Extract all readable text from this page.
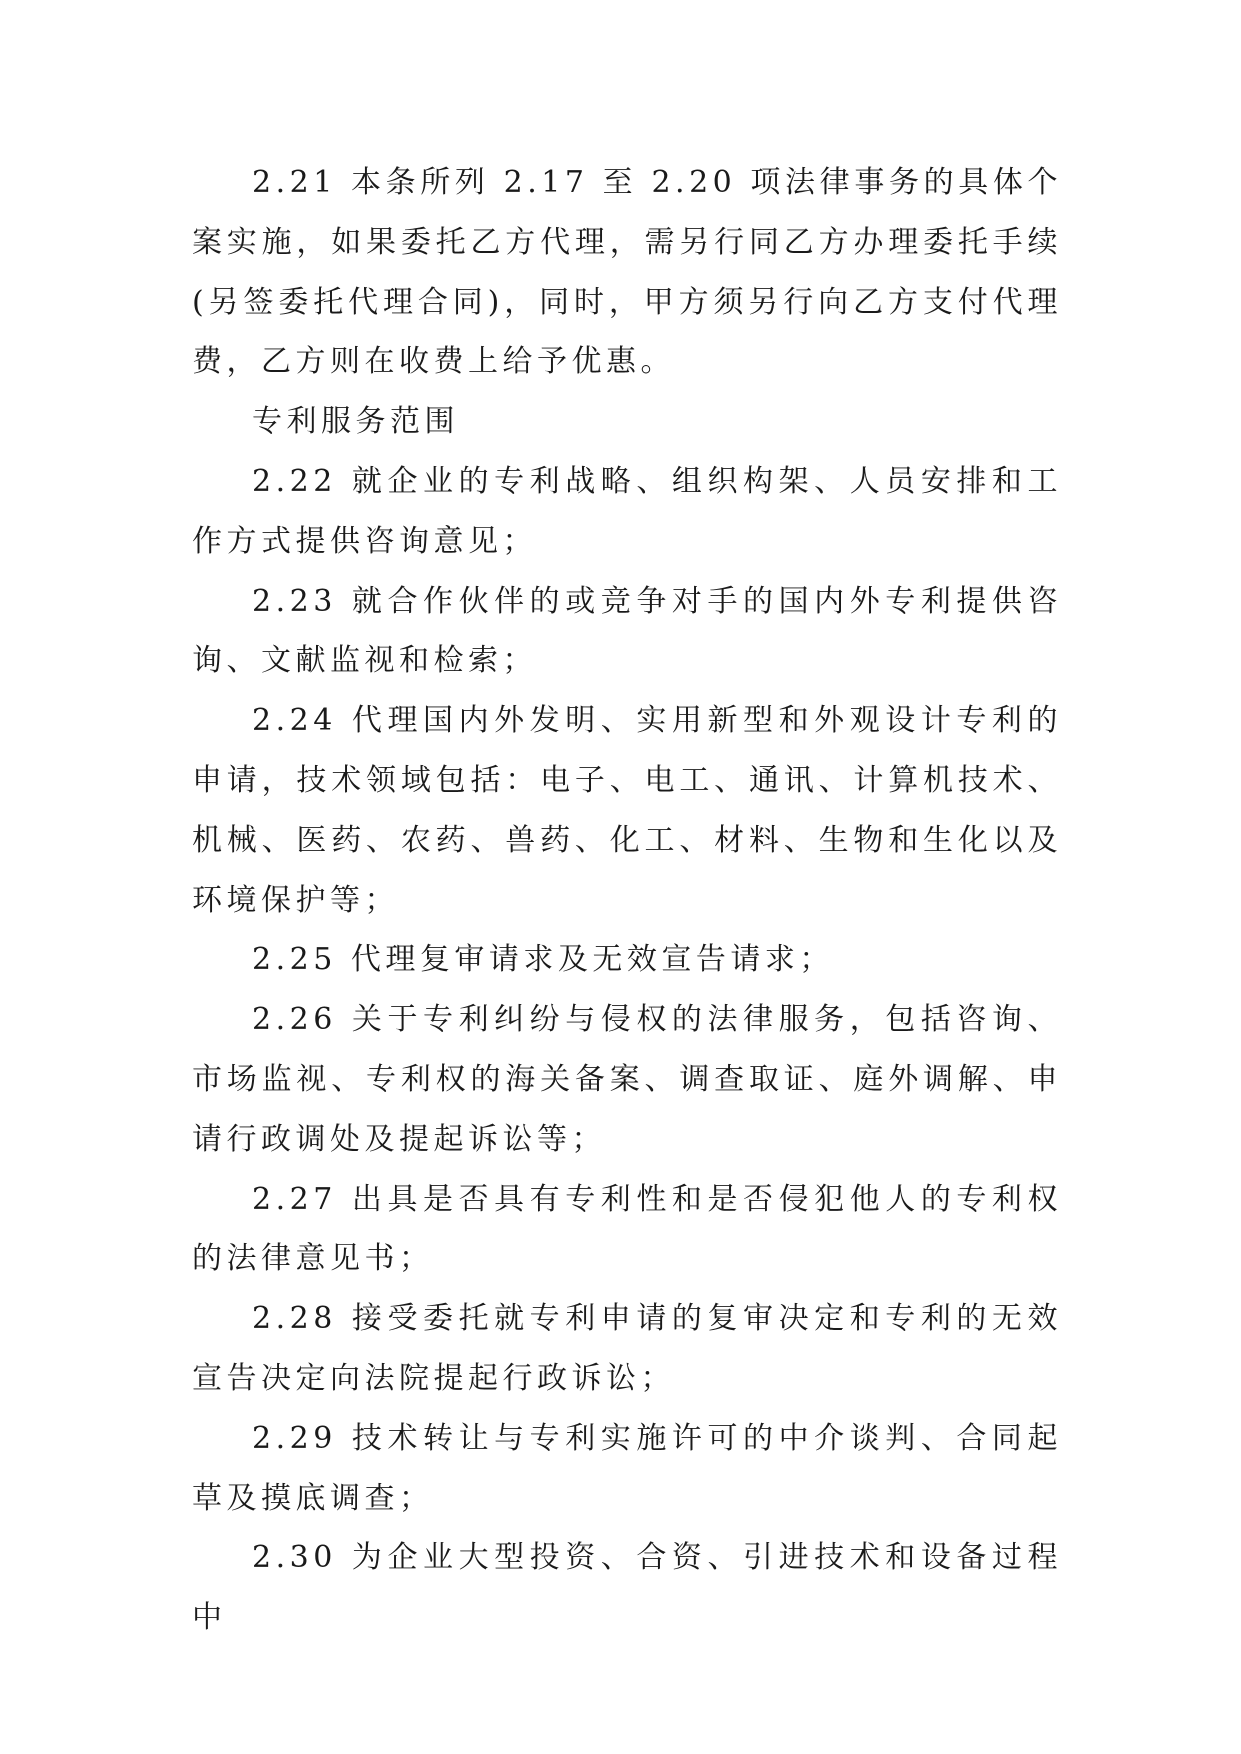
2.21 本条所列 2.17 至 2.20 项法律事务的具体个案实施，如果委托乙方代理，需另行同乙方办理委托手续(另签委托代理合同)，同时，甲方须另行向乙方支付代理费，乙方则在收费上给予优惠。

专利服务范围

2.22 就企业的专利战略、组织构架、人员安排和工作方式提供咨询意见；

2.23 就合作伙伴的或竞争对手的国内外专利提供咨询、文献监视和检索；

2.24 代理国内外发明、实用新型和外观设计专利的申请，技术领域包括：电子、电工、通讯、计算机技术、机械、医药、农药、兽药、化工、材料、生物和生化以及环境保护等；

2.25 代理复审请求及无效宣告请求；

2.26 关于专利纠纷与侵权的法律服务，包括咨询、市场监视、专利权的海关备案、调查取证、庭外调解、申请行政调处及提起诉讼等；

2.27 出具是否具有专利性和是否侵犯他人的专利权的法律意见书；

2.28 接受委托就专利申请的复审决定和专利的无效宣告决定向法院提起行政诉讼；

2.29 技术转让与专利实施许可的中介谈判、合同起草及摸底调查；

2.30 为企业大型投资、合资、引进技术和设备过程中
